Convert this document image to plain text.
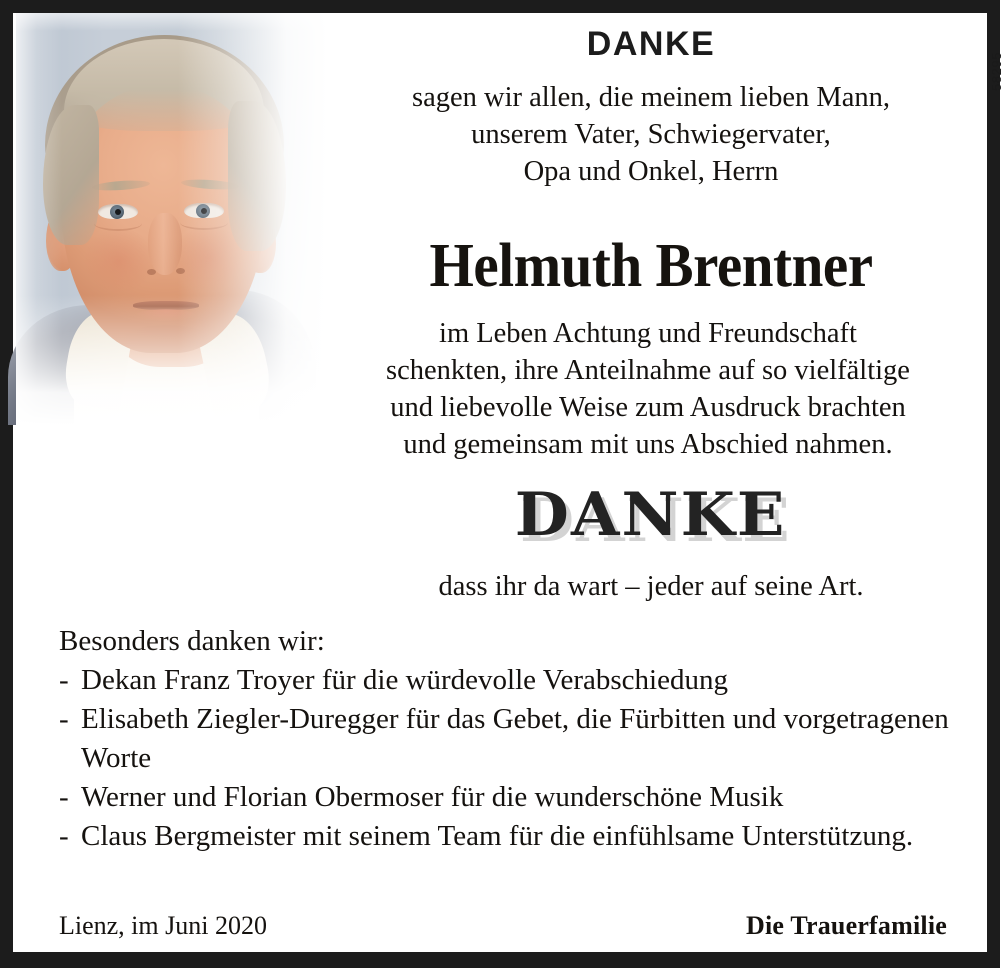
58295
DANKE
sagen wir allen, die meinem lieben Mann,
unserem Vater, Schwiegervater,
Opa und Onkel, Herrn
Helmuth Brentner
im Leben Achtung und Freundschaft
schenkten, ihre Anteilnahme auf so vielfältige
und liebevolle Weise zum Ausdruck brachten
und gemeinsam mit uns Abschied nahmen.
DANKE
dass ihr da wart – jeder auf seine Art.
Besonders danken wir:
- Dekan Franz Troyer für die würdevolle Verabschiedung
- Elisabeth Ziegler-Duregger für das Gebet, die Fürbitten und vorgetragenen Worte
- Werner und Florian Obermoser für die wunderschöne Musik
- Claus Bergmeister mit seinem Team für die einfühlsame Unterstützung.
Lienz, im Juni 2020	Die Trauerfamilie
